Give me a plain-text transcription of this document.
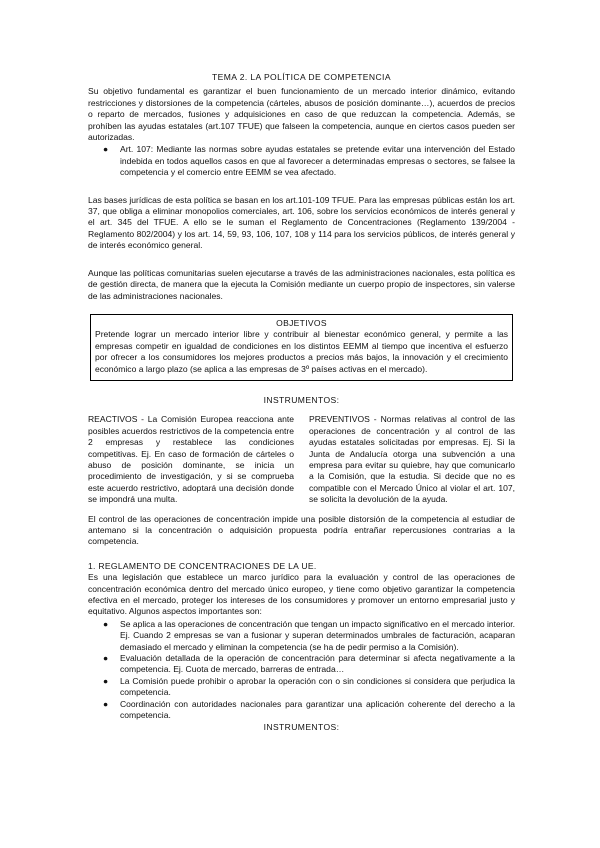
TEMA 2. LA POLÍTICA DE COMPETENCIA

Su objetivo fundamental es garantizar el buen funcionamiento de un mercado interior dinámico, evitando restricciones y distorsiones de la competencia (cárteles, abusos de posición dominante…), acuerdos de precios o reparto de mercados, fusiones y adquisiciones en caso de que reduzcan la competencia. Además, se prohíben las ayudas estatales (art.107 TFUE) que falseen la competencia, aunque en ciertos casos pueden ser autorizadas.

● Art. 107: Mediante las normas sobre ayudas estatales se pretende evitar una intervención del Estado indebida en todos aquellos casos en que al favorecer a determinadas empresas o sectores, se falsee la competencia y el comercio entre EEMM se vea afectado.

Las bases jurídicas de esta política se basan en los art.101-109 TFUE. Para las empresas públicas están los art. 37, que obliga a eliminar monopolios comerciales, art. 106, sobre los servicios económicos de interés general y el art. 345 del TFUE. A ello se le suman el Reglamento de Concentraciones (Reglamento 139/2004 - Reglamento 802/2004) y los art. 14, 59, 93, 106, 107, 108 y 114 para los servicios públicos, de interés general y de interés económico general.

Aunque las políticas comunitarias suelen ejecutarse a través de las administraciones nacionales, esta política es de gestión directa, de manera que la ejecuta la Comisión mediante un cuerpo propio de inspectores, sin valerse de las administraciones nacionales.

OBJETIVOS

Pretende lograr un mercado interior libre y contribuir al bienestar económico general, y permite a las empresas competir en igualdad de condiciones en los distintos EEMM al tiempo que incentiva el esfuerzo por ofrecer a los consumidores los mejores productos a precios más bajos, la innovación y el crecimiento económico a largo plazo (se aplica a las empresas de 3º países activas en el mercado).

INSTRUMENTOS:
REACTIVOS - La Comisión Europea reacciona ante posibles acuerdos restrictivos de la competencia entre 2 empresas y restablece las condiciones competitivas. Ej. En caso de formación de cárteles o abuso de posición dominante, se inicia un procedimiento de investigación, y si se comprueba este acuerdo restrictivo, adoptará una decisión donde se impondrá una multa.
PREVENTIVOS - Normas relativas al control de las operaciones de concentración y al control de las ayudas estatales solicitadas por empresas. Ej. Si la Junta de Andalucía otorga una subvención a una empresa para evitar su quiebre, hay que comunicarlo a la Comisión, que la estudia. Si decide que no es compatible con el Mercado Único al violar el art. 107, se solicita la devolución de la ayuda.

El control de las operaciones de concentración impide una posible distorsión de la competencia al estudiar de antemano si la concentración o adquisición propuesta podría entrañar repercusiones contrarias a la competencia.

1. REGLAMENTO DE CONCENTRACIONES DE LA UE.

Es una legislación que establece un marco jurídico para la evaluación y control de las operaciones de concentración económica dentro del mercado único europeo, y tiene como objetivo garantizar la competencia efectiva en el mercado, proteger los intereses de los consumidores y promover un entorno empresarial justo y equitativo. Algunos aspectos importantes son:

● Se aplica a las operaciones de concentración que tengan un impacto significativo en el mercado interior. Ej. Cuando 2 empresas se van a fusionar y superan determinados umbrales de facturación, acaparan demasiado el mercado y eliminan la competencia (se ha de pedir permiso a la Comisión).
● Evaluación detallada de la operación de concentración para determinar si afecta negativamente a la competencia. Ej. Cuota de mercado, barreras de entrada…
● La Comisión puede prohibir o aprobar la operación con o sin condiciones si considera que perjudica la competencia.
● Coordinación con autoridades nacionales para garantizar una aplicación coherente del derecho a la competencia.
INSTRUMENTOS:
